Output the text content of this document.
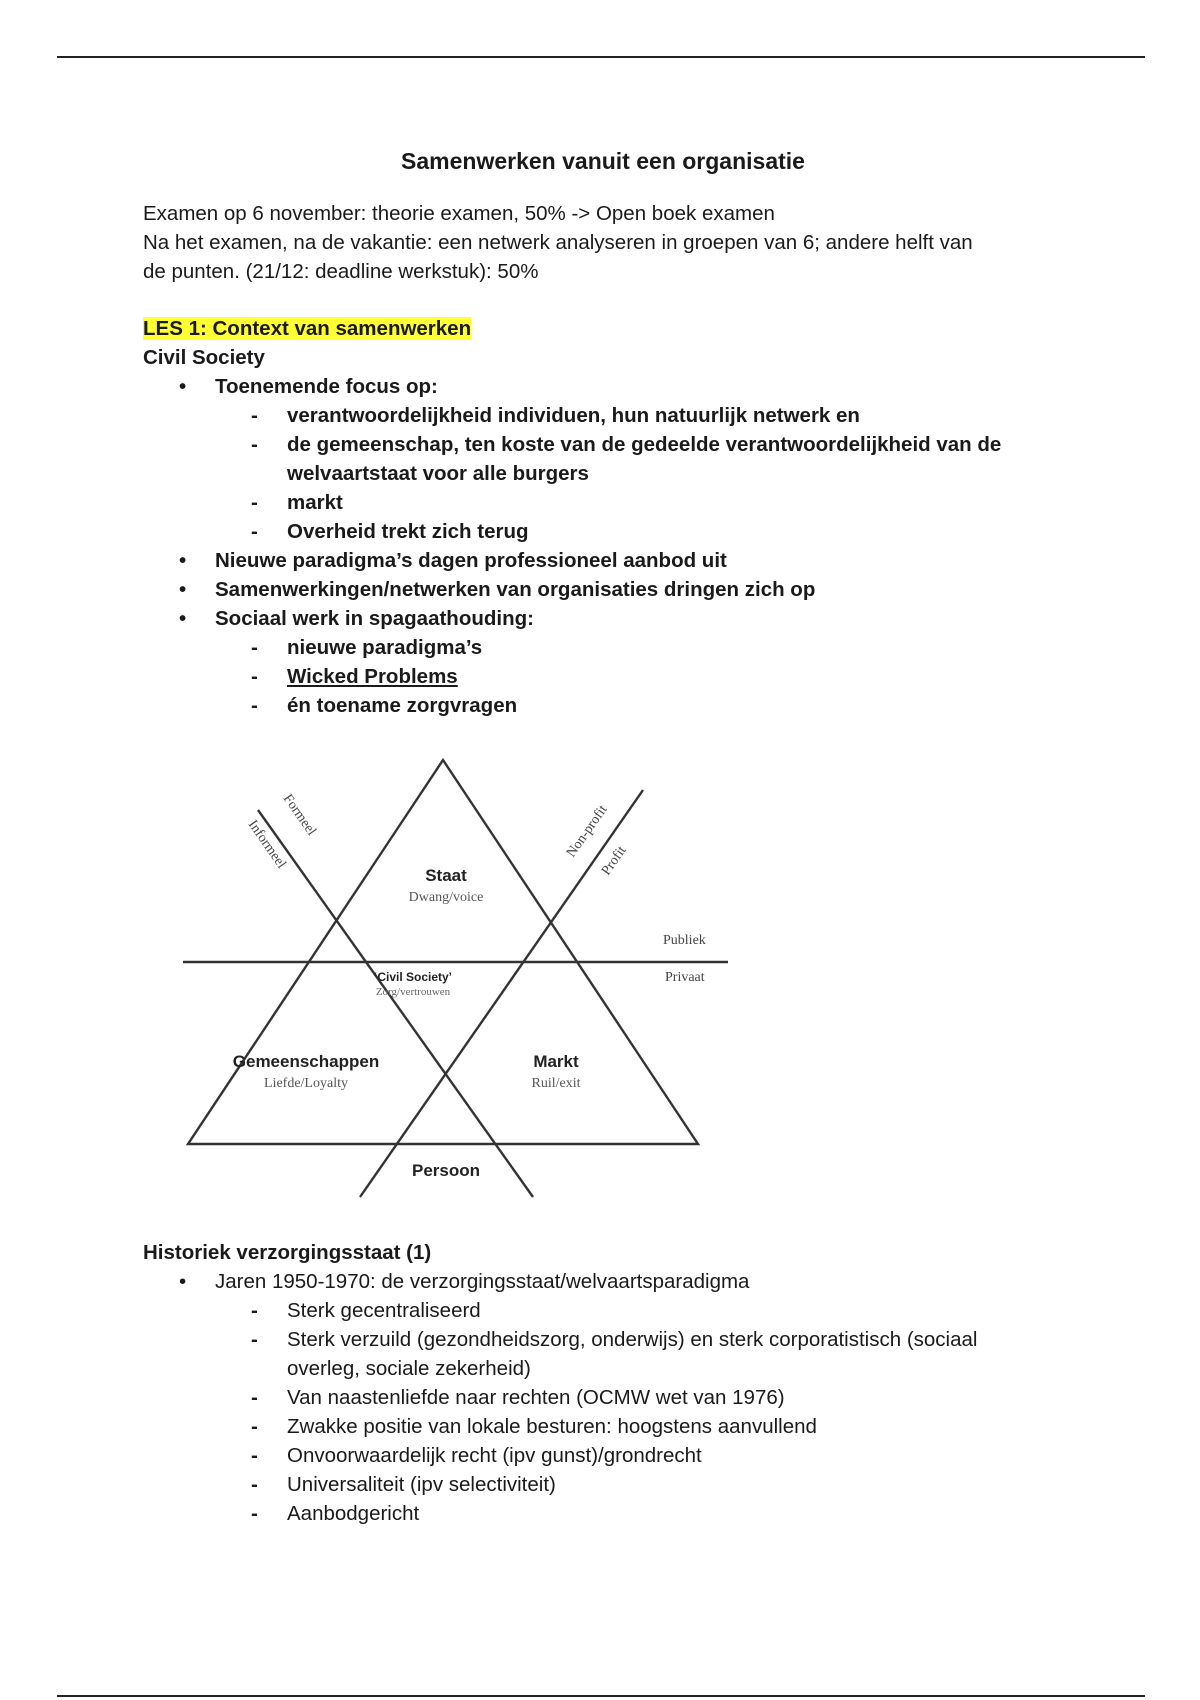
Samenwerken vanuit een organisatie

Examen op 6 november: theorie examen, 50% -> Open boek examen

Na het examen, na de vakantie: een netwerk analyseren in groepen van 6; andere helft van

de punten. (21/12: deadline werkstuk): 50%

LES 1: Context van samenwerken

Civil Society

• Toenemende focus op:
- verantwoordelijkheid individuen, hun natuurlijk netwerk en
- de gemeenschap, ten koste van de gedeelde verantwoordelijkheid van de
welvaartstaat voor alle burgers
- markt
- Overheid trekt zich terug
• Nieuwe paradigma’s dagen professioneel aanbod uit
• Samenwerkingen/netwerken van organisaties dringen zich op
• Sociaal werk in spagaathouding:
- nieuwe paradigma’s
- Wicked Problems
- én toename zorgvragen
Staat
Dwang/voice
‘Civil Society’
Zorg/vertrouwen
Gemeenschappen
Liefde/Loyalty
Markt
Ruil/exit
Persoon
Publiek
Privaat
Formeel
Informeel	Non-profit
Profit

Historiek verzorgingsstaat (1)

• Jaren 1950-1970: de verzorgingsstaat/welvaartsparadigma
- Sterk gecentraliseerd
- Sterk verzuild (gezondheidszorg, onderwijs) en sterk corporatistisch (sociaal
overleg, sociale zekerheid)
- Van naastenliefde naar rechten (OCMW wet van 1976)
- Zwakke positie van lokale besturen: hoogstens aanvullend
- Onvoorwaardelijk recht (ipv gunst)/grondrecht
- Universaliteit (ipv selectiviteit)
- Aanbodgericht
